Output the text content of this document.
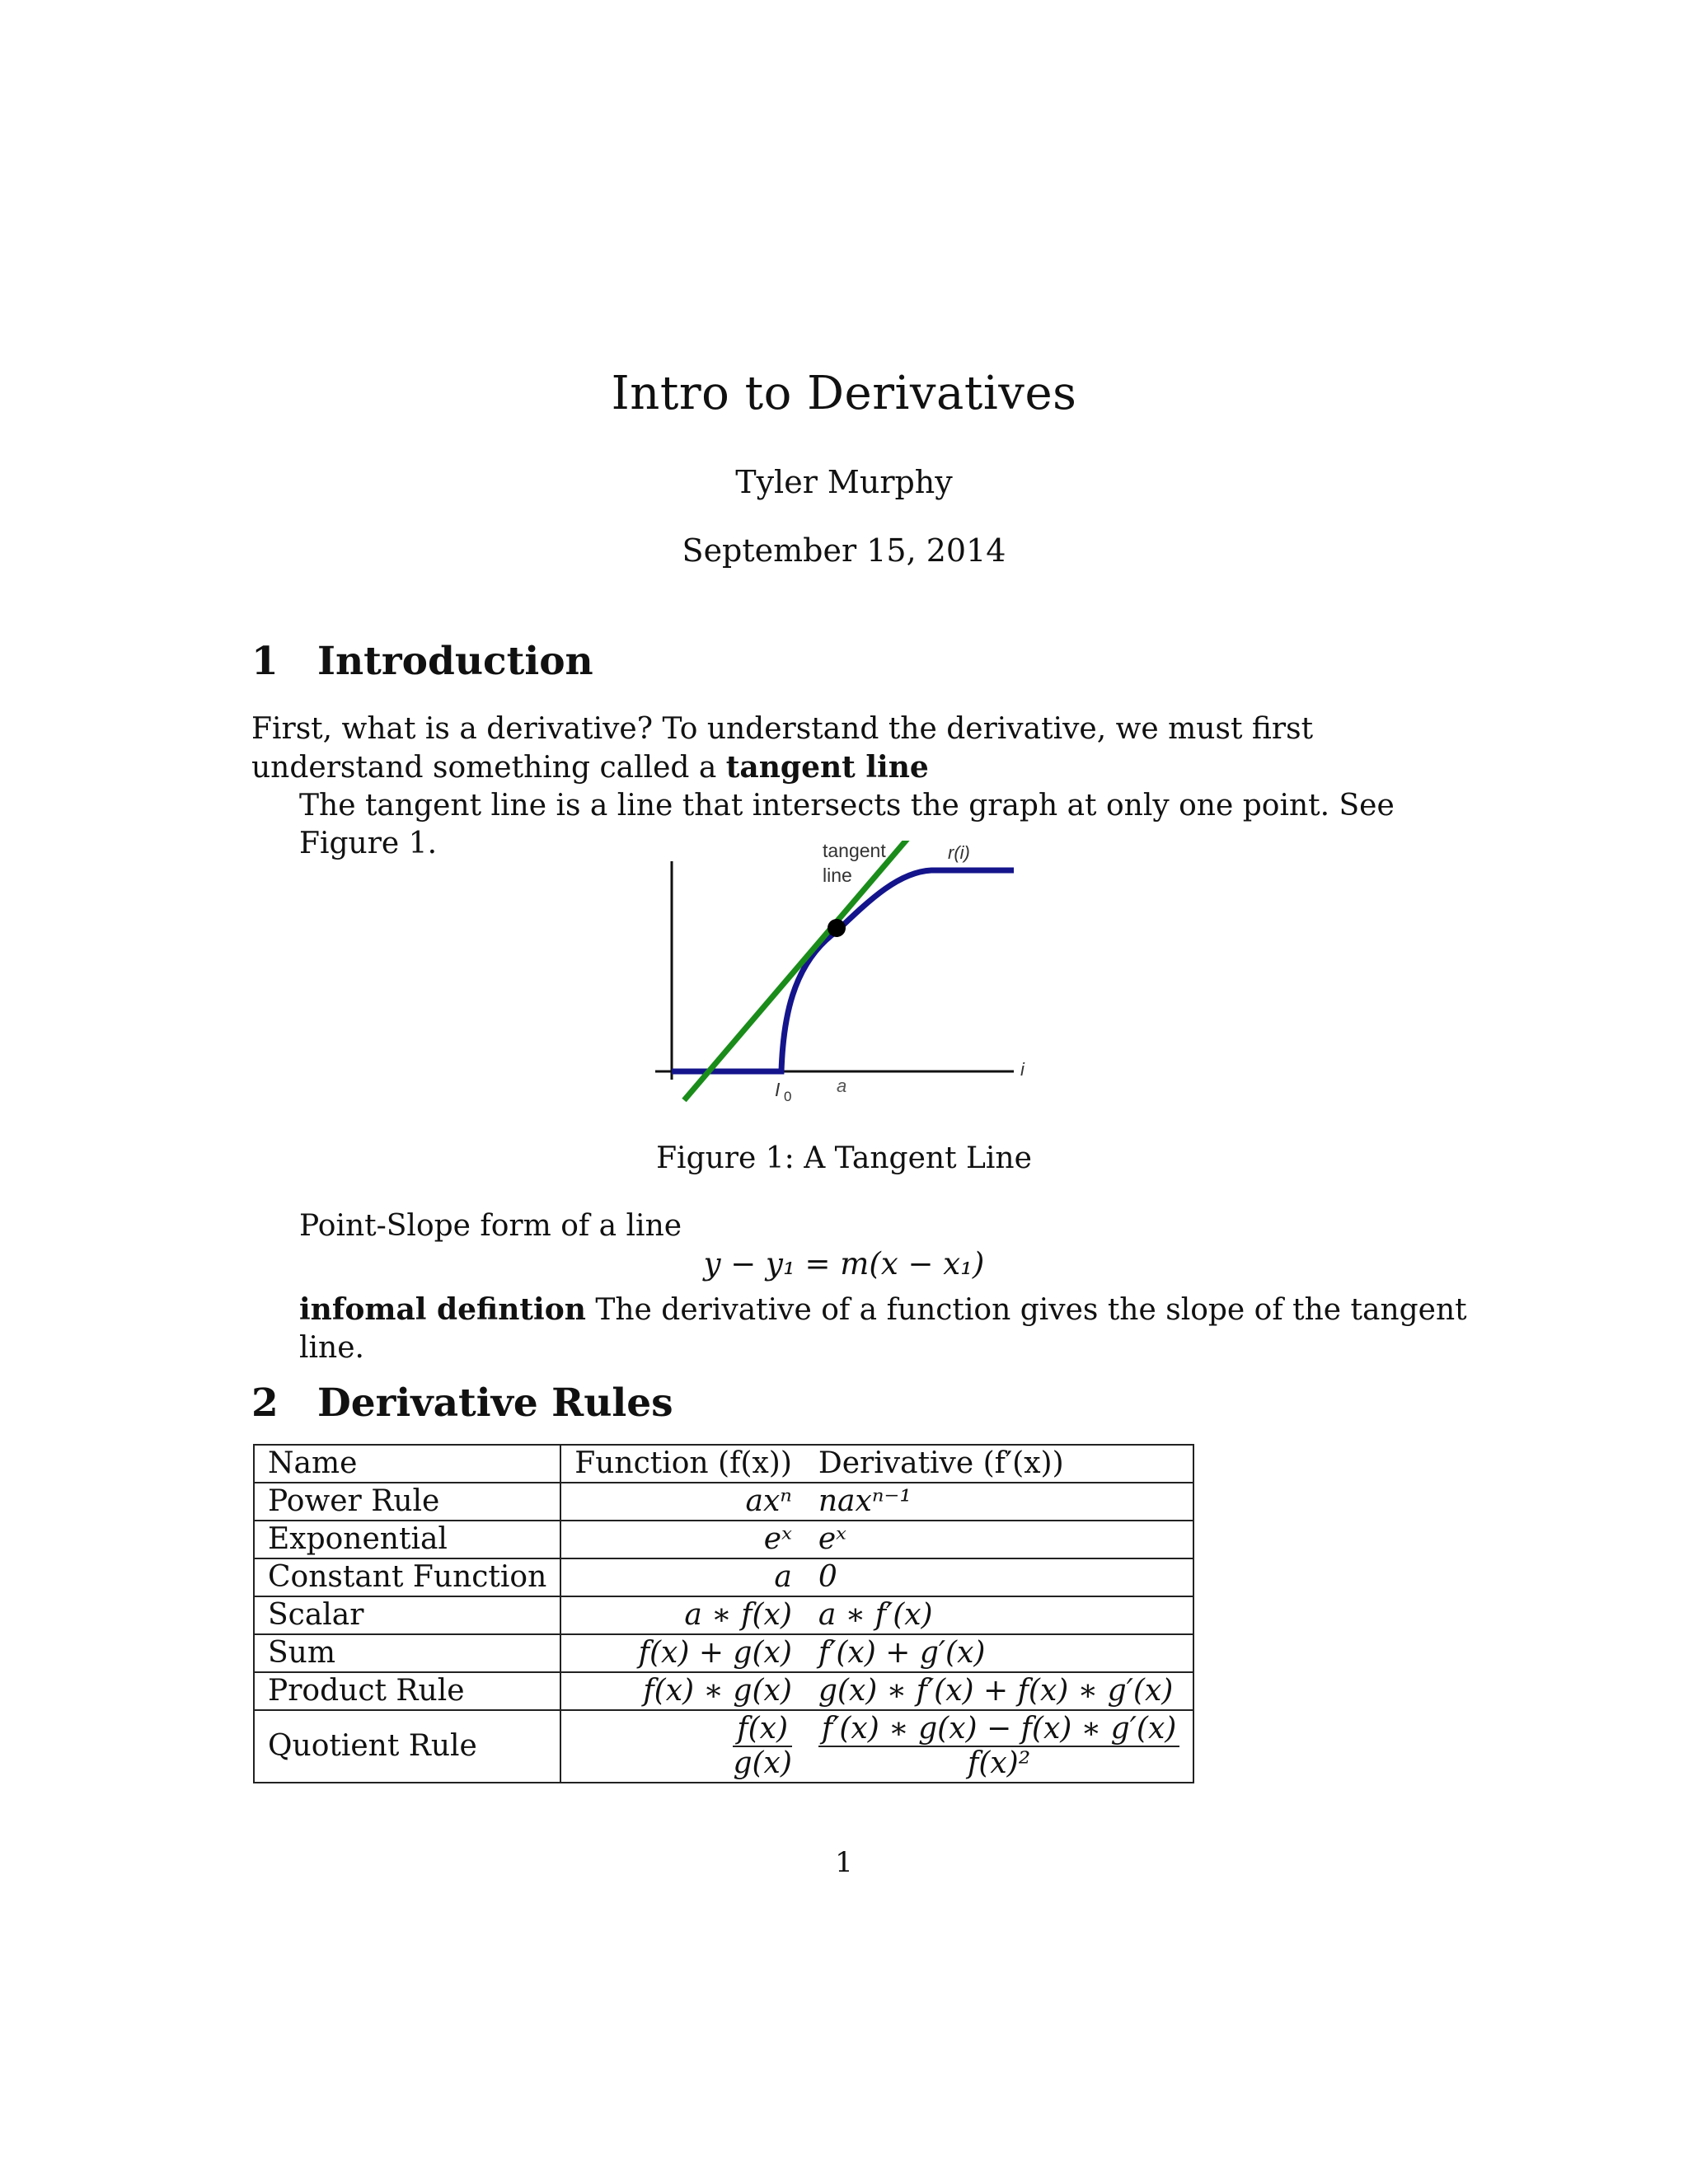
Intro to Derivatives
Tyler Murphy
September 15, 2014
1 Introduction
First, what is a derivative? To understand the derivative, we must first understand something called a tangent line
The tangent line is a line that intersects the graph at only one point. See Figure 1.	tangent
line
r(i)
I 0
a
i
Figure 1: A Tangent Line
Point-Slope form of a line
y − y₁ = m(x − x₁)
infomal defintion The derivative of a function gives the slope of the tangent line.
2 Derivative Rules
Name	Function (f(x))	Derivative (f′(x))
Power Rule	axⁿ	naxⁿ⁻¹
Exponential	eˣ	eˣ
Constant Function	a	0
Scalar	a ∗ f(x)	a ∗ f′(x)
Sum	f(x) + g(x)	f′(x) + g′(x)
Product Rule	f(x) ∗ g(x)	g(x) ∗ f′(x) + f(x) ∗ g′(x)
Quotient Rule	$\frac{f(x)}{g(x)}$	$\frac{f'(x) ∗ g(x) - f(x) ∗ g'(x)}{\text{f(x)²}}$
1
